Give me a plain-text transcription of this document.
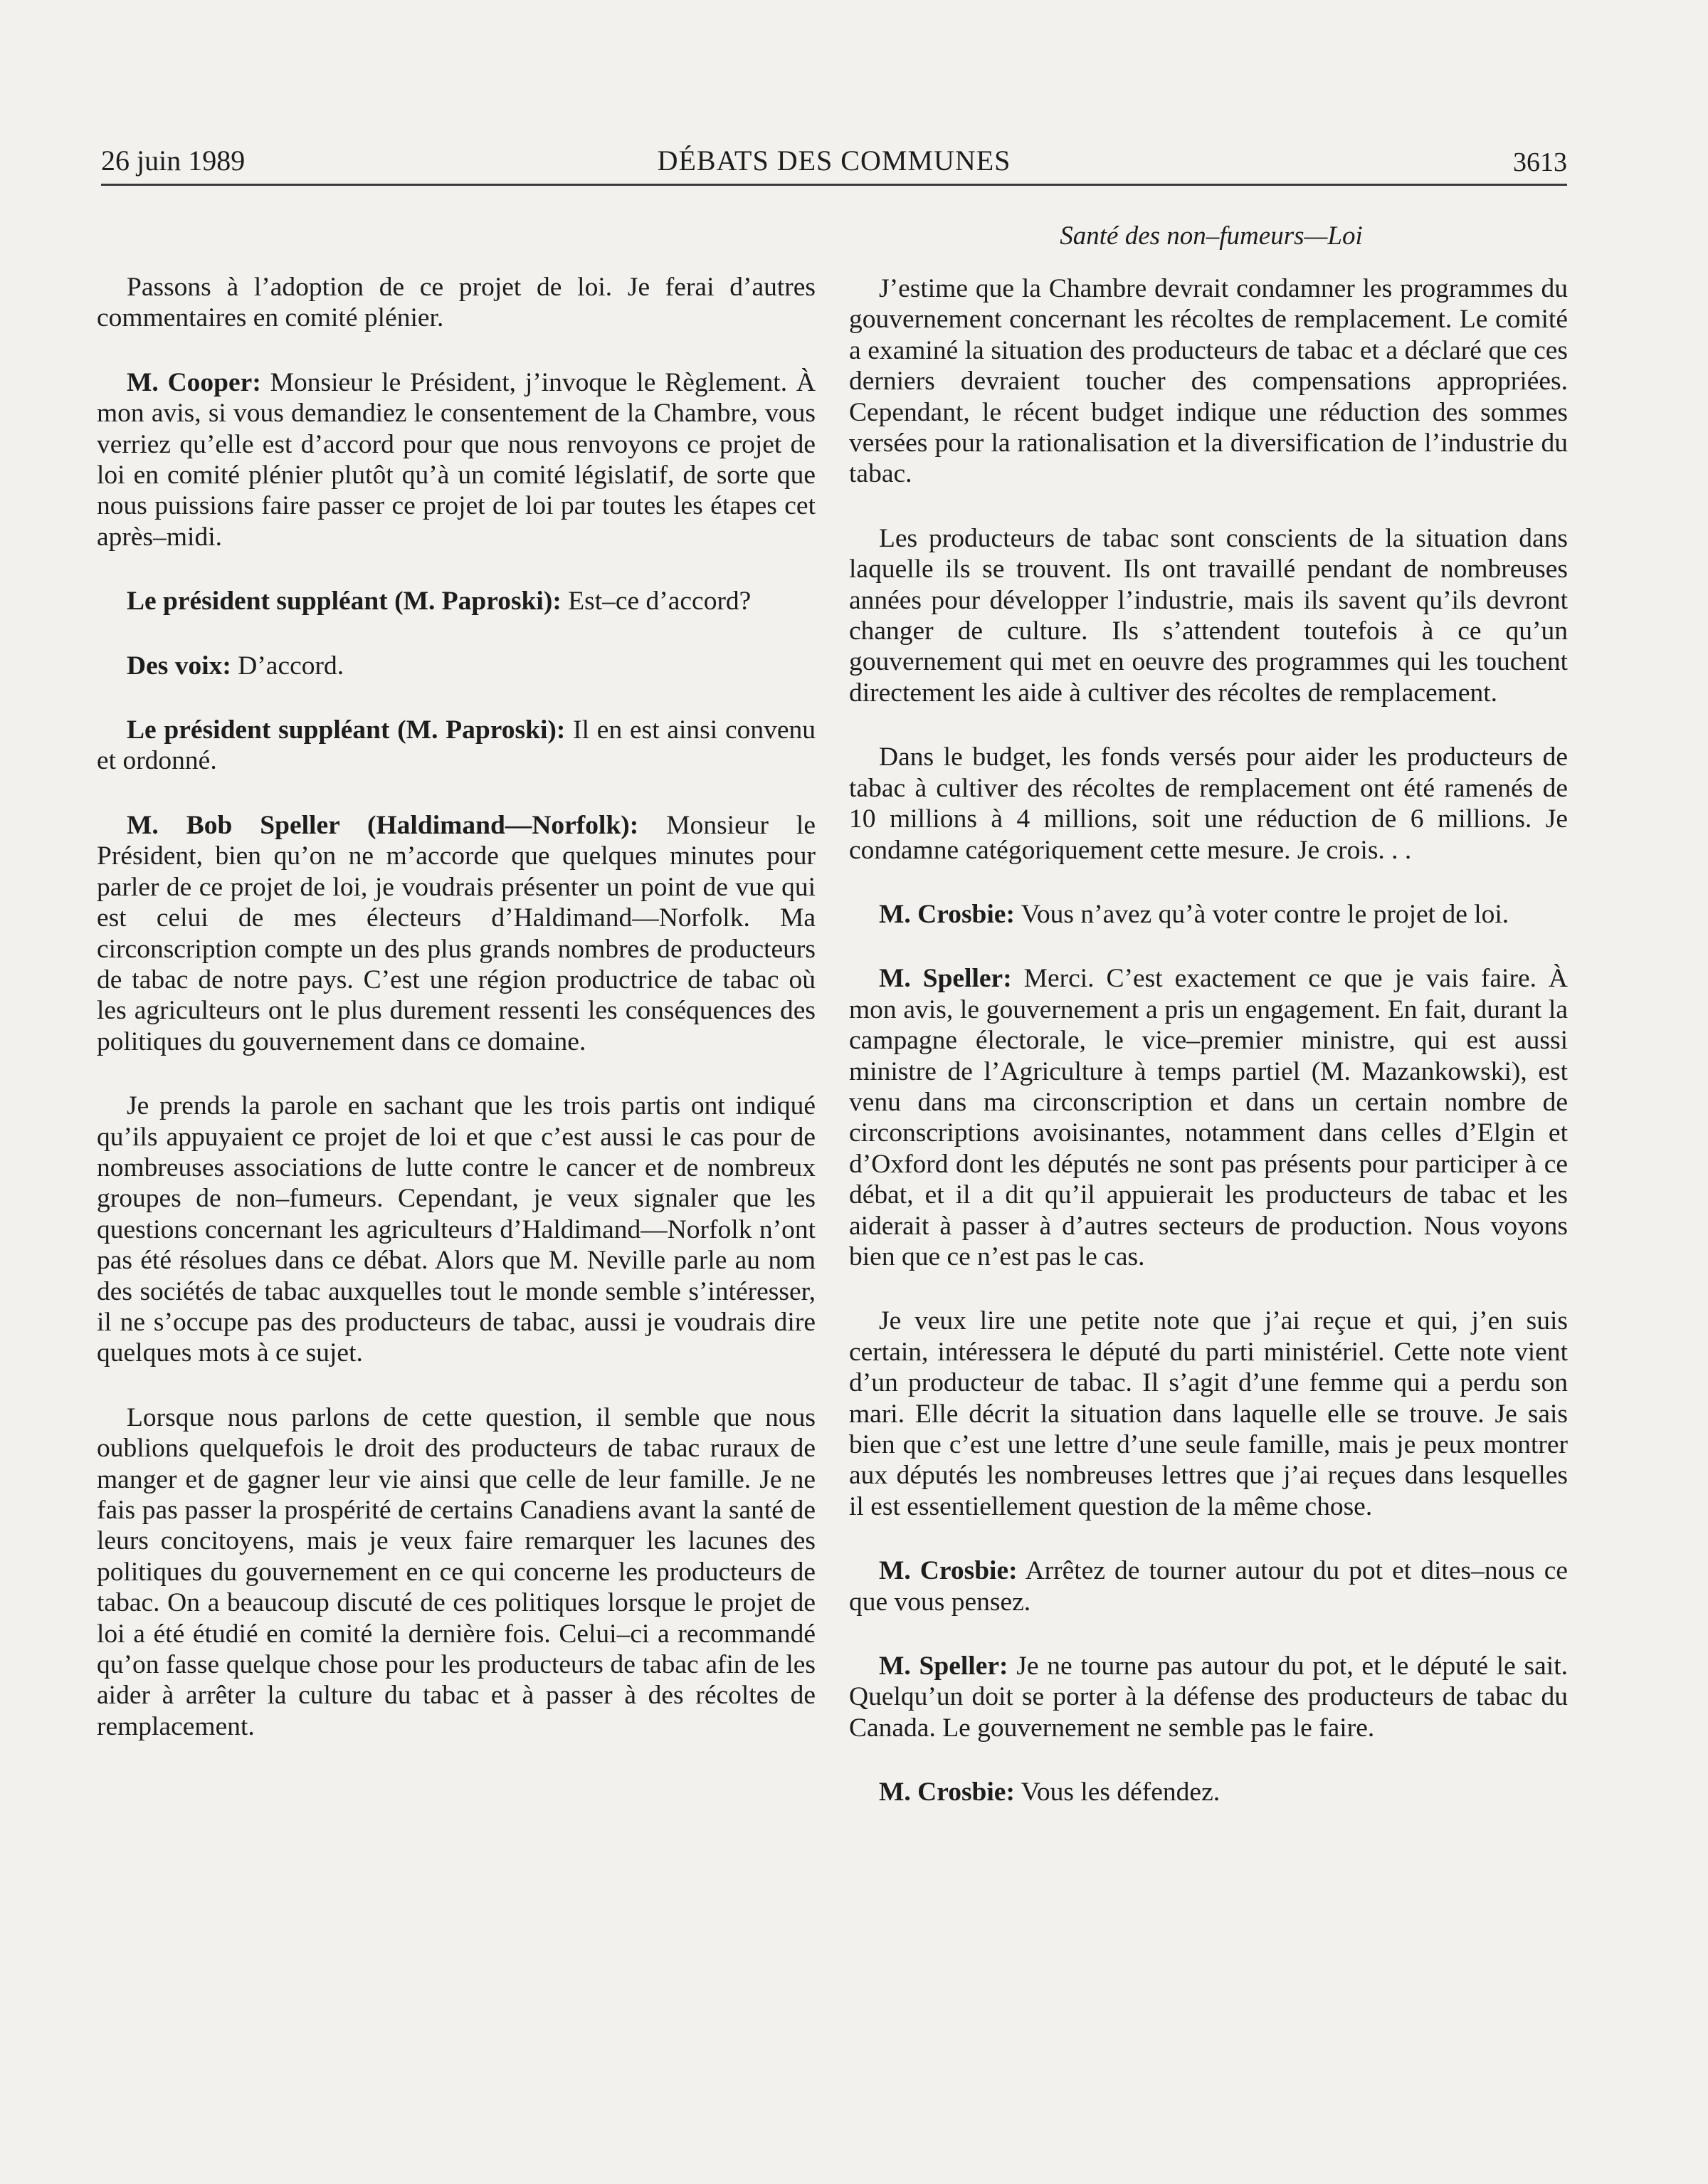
26 juin 1989	DÉBATS DES COMMUNES	3613
Santé des non–fumeurs—Loi

Passons à l’adoption de ce projet de loi. Je ferai d’autres commentaires en comité plénier.

M. Cooper: Monsieur le Président, j’invoque le Règlement. À mon avis, si vous demandiez le consentement de la Chambre, vous verriez qu’elle est d’accord pour que nous renvoyons ce projet de loi en comité plénier plutôt qu’à un comité législatif, de sorte que nous puissions faire passer ce projet de loi par toutes les étapes cet après–midi.

Le président suppléant (M. Paproski): Est–ce d’accord?

Des voix: D’accord.

Le président suppléant (M. Paproski): Il en est ainsi convenu et ordonné.

M. Bob Speller (Haldimand—Norfolk): Monsieur le Président, bien qu’on ne m’accorde que quelques minutes pour parler de ce projet de loi, je voudrais présenter un point de vue qui est celui de mes électeurs d’Haldimand—Norfolk. Ma circonscription compte un des plus grands nombres de producteurs de tabac de notre pays. C’est une région productrice de tabac où les agriculteurs ont le plus durement ressenti les conséquences des politiques du gouvernement dans ce domaine.

Je prends la parole en sachant que les trois partis ont indiqué qu’ils appuyaient ce projet de loi et que c’est aussi le cas pour de nombreuses associations de lutte contre le cancer et de nombreux groupes de non–fumeurs. Cependant, je veux signaler que les questions concernant les agriculteurs d’Haldimand—Norfolk n’ont pas été résolues dans ce débat. Alors que M. Neville parle au nom des sociétés de tabac auxquelles tout le monde semble s’intéresser, il ne s’occupe pas des producteurs de tabac, aussi je voudrais dire quelques mots à ce sujet.

Lorsque nous parlons de cette question, il semble que nous oublions quelquefois le droit des producteurs de tabac ruraux de manger et de gagner leur vie ainsi que celle de leur famille. Je ne fais pas passer la prospérité de certains Canadiens avant la santé de leurs concitoyens, mais je veux faire remarquer les lacunes des politiques du gouvernement en ce qui concerne les producteurs de tabac. On a beaucoup discuté de ces politiques lorsque le projet de loi a été étudié en comité la dernière fois. Celui–ci a recommandé qu’on fasse quelque chose pour les producteurs de tabac afin de les aider à arrêter la culture du tabac et à passer à des récoltes de remplacement.

J’estime que la Chambre devrait condamner les programmes du gouvernement concernant les récoltes de remplacement. Le comité a examiné la situation des producteurs de tabac et a déclaré que ces derniers devraient toucher des compensations appropriées. Cependant, le récent budget indique une réduction des sommes versées pour la rationalisation et la diversification de l’industrie du tabac.

Les producteurs de tabac sont conscients de la situation dans laquelle ils se trouvent. Ils ont travaillé pendant de nombreuses années pour développer l’industrie, mais ils savent qu’ils devront changer de culture. Ils s’attendent toutefois à ce qu’un gouvernement qui met en oeuvre des programmes qui les touchent directement les aide à cultiver des récoltes de remplacement.

Dans le budget, les fonds versés pour aider les producteurs de tabac à cultiver des récoltes de remplacement ont été ramenés de 10 millions à 4 millions, soit une réduction de 6 millions. Je condamne catégoriquement cette mesure. Je crois. . .

M. Crosbie: Vous n’avez qu’à voter contre le projet de loi.

M. Speller: Merci. C’est exactement ce que je vais faire. À mon avis, le gouvernement a pris un engagement. En fait, durant la campagne électorale, le vice–premier ministre, qui est aussi ministre de l’Agriculture à temps partiel (M. Mazankowski), est venu dans ma circonscription et dans un certain nombre de circonscriptions avoisinantes, notamment dans celles d’Elgin et d’Oxford dont les députés ne sont pas présents pour participer à ce débat, et il a dit qu’il appuierait les producteurs de tabac et les aiderait à passer à d’autres secteurs de production. Nous voyons bien que ce n’est pas le cas.

Je veux lire une petite note que j’ai reçue et qui, j’en suis certain, intéressera le député du parti ministériel. Cette note vient d’un producteur de tabac. Il s’agit d’une femme qui a perdu son mari. Elle décrit la situation dans laquelle elle se trouve. Je sais bien que c’est une lettre d’une seule famille, mais je peux montrer aux députés les nombreuses lettres que j’ai reçues dans lesquelles il est essentiellement question de la même chose.

M. Crosbie: Arrêtez de tourner autour du pot et dites–nous ce que vous pensez.

M. Speller: Je ne tourne pas autour du pot, et le député le sait. Quelqu’un doit se porter à la défense des producteurs de tabac du Canada. Le gouvernement ne semble pas le faire.

M. Crosbie: Vous les défendez.
